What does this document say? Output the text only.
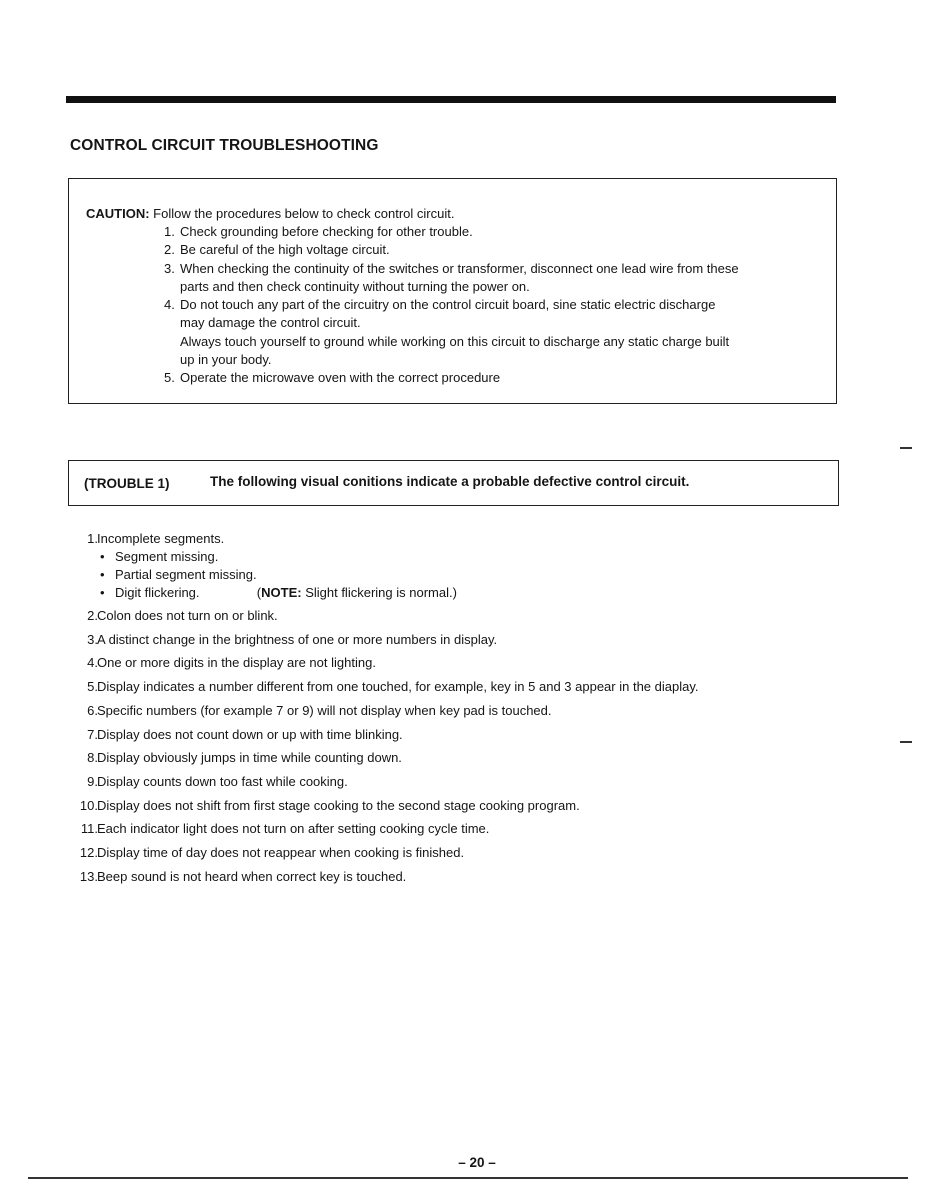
CONTROL CIRCUIT TROUBLESHOOTING
CAUTION: Follow the procedures below to check control circuit.
1. Check grounding before checking for other trouble.
2. Be careful of the high voltage circuit.
3. When checking the continuity of the switches or transformer, disconnect one lead wire from these
parts and then check continuity without turning the power on.
4. Do not touch any part of the circuitry on the control circuit board, sine static electric discharge
may damage the control circuit.
Always touch yourself to ground while working on this circuit to discharge any static charge built
up in your body.
5. Operate the microwave oven with the correct procedure
(TROUBLE 1)	The following visual conitions indicate a probable defective control circuit.
1. Incomplete segments.
• Segment missing.
• Partial segment missing.
• Digit flickering.	(NOTE: Slight flickering is normal.)
2. Colon does not turn on or blink.
3. A distinct change in the brightness of one or more numbers in display.
4. One or more digits in the display are not lighting.
5. Display indicates a number different from one touched, for example, key in 5 and 3 appear in the diaplay.
6. Specific numbers (for example 7 or 9) will not display when key pad is touched.
7. Display does not count down or up with time blinking.
8. Display obviously jumps in time while counting down.
9. Display counts down too fast while cooking.
10. Display does not shift from first stage cooking to the second stage cooking program.
11. Each indicator light does not turn on after setting cooking cycle time.
12. Display time of day does not reappear when cooking is finished.
13. Beep sound is not heard when correct key is touched.
– 20 –
